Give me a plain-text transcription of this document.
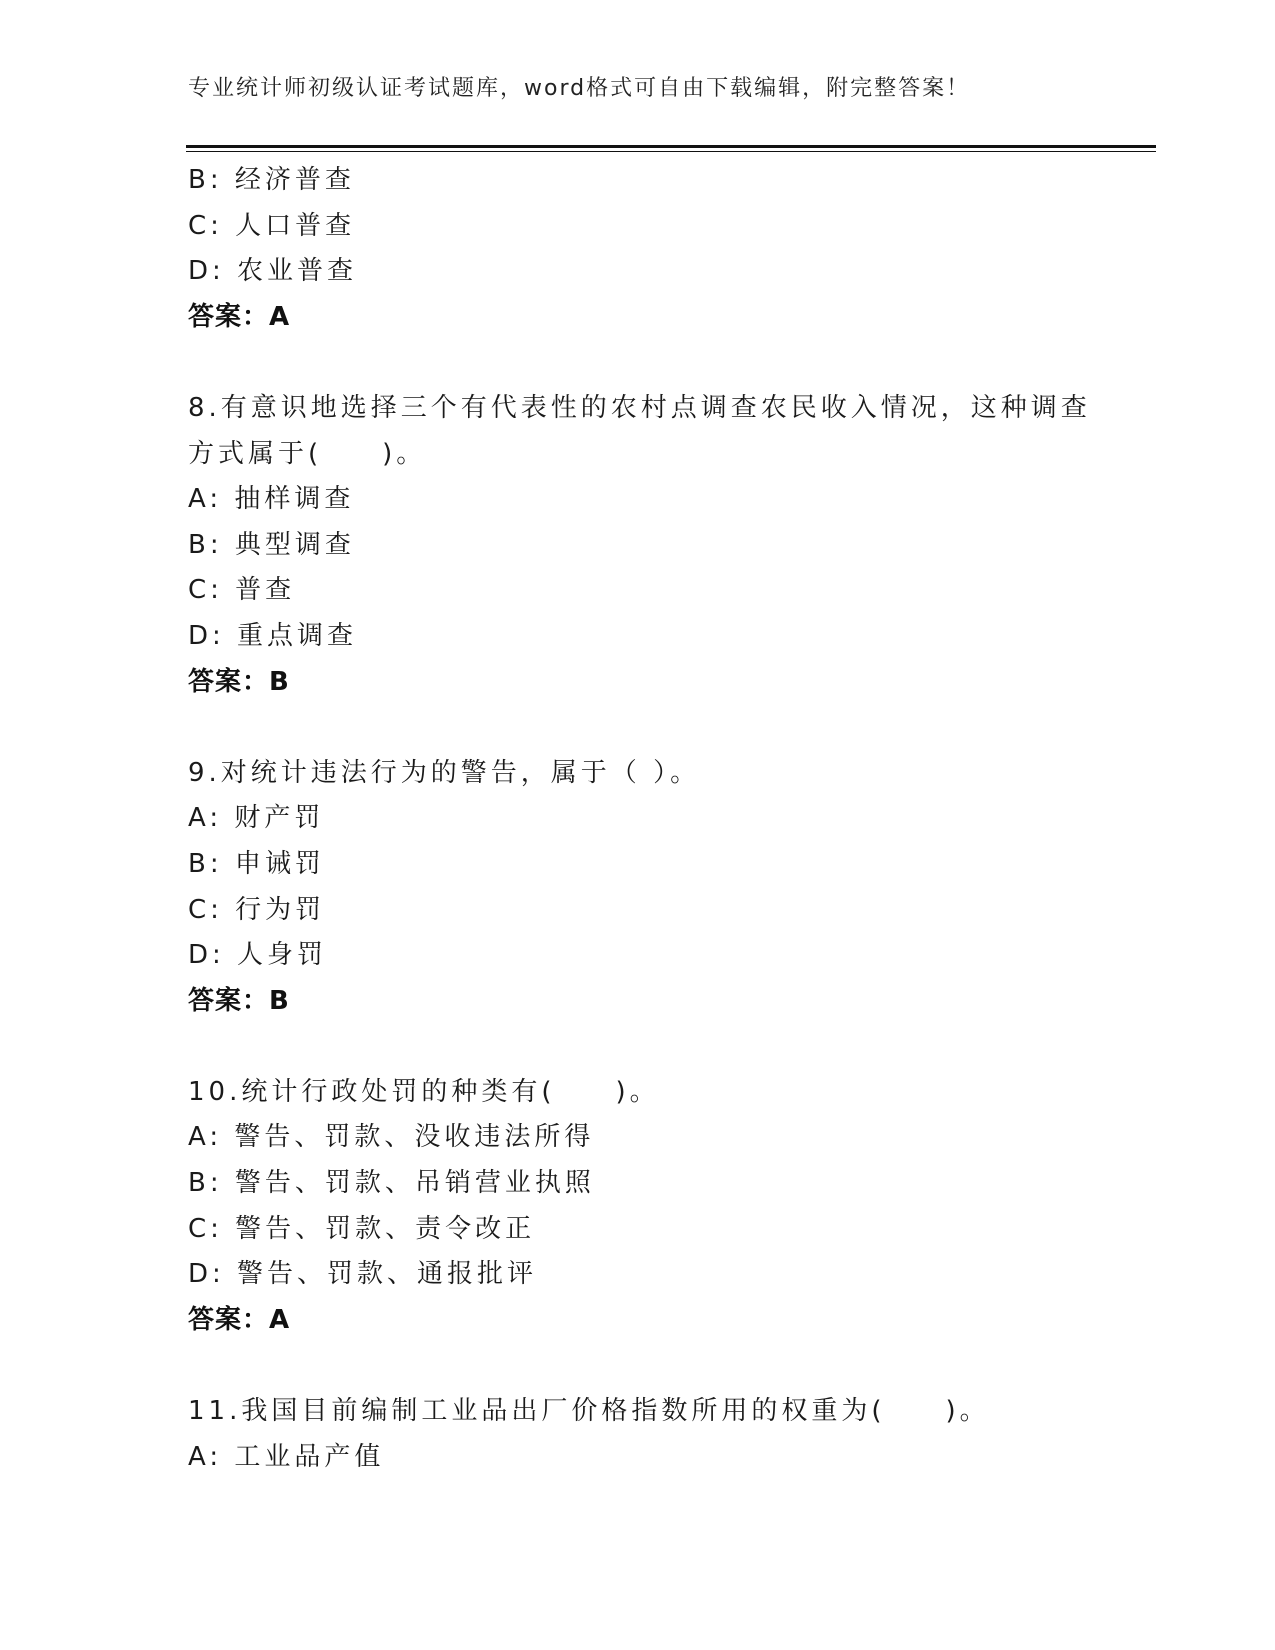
专业统计师初级认证考试题库，word格式可自由下载编辑，附完整答案！
B: 经济普查
C: 人口普查
D: 农业普查
答案：A
8.有意识地选择三个有代表性的农村点调查农民收入情况，这种调查
方式属于(　　)。
A: 抽样调查
B: 典型调查
C: 普查
D: 重点调查
答案：B
9.对统计违法行为的警告，属于（ ）。
A: 财产罚
B: 申诫罚
C: 行为罚
D: 人身罚
答案：B
10.统计行政处罚的种类有(　　)。
A: 警告、罚款、没收违法所得
B: 警告、罚款、吊销营业执照
C: 警告、罚款、责令改正
D: 警告、罚款、通报批评
答案：A
11.我国目前编制工业品出厂价格指数所用的权重为(　　)。
A: 工业品产值
